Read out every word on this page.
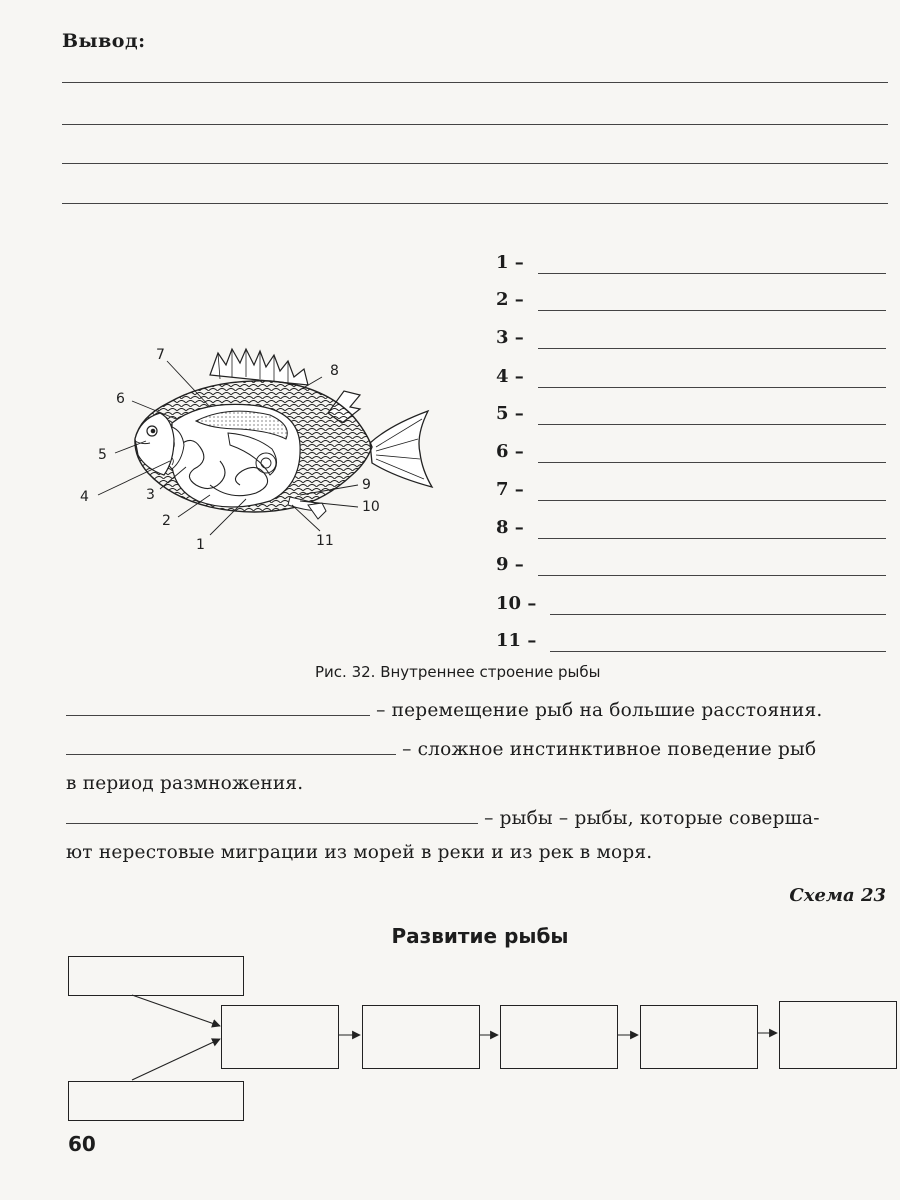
Вывод:
7
8
6
5
4	3
2
1
9
10
11
1 –
2 –
3 –
4 –
5 –
6 –
7 –
8 –
9 –
10 –
11 –
Рис. 32. Внутреннее строение рыбы
– перемещение рыб на большие расстояния.
– сложное инстинктивное поведение рыб
в период размножения.
– рыбы – рыбы, которые соверша-
ют нерестовые миграции из морей в реки и из рек в моря.
Схема 23
Развитие рыбы
60
